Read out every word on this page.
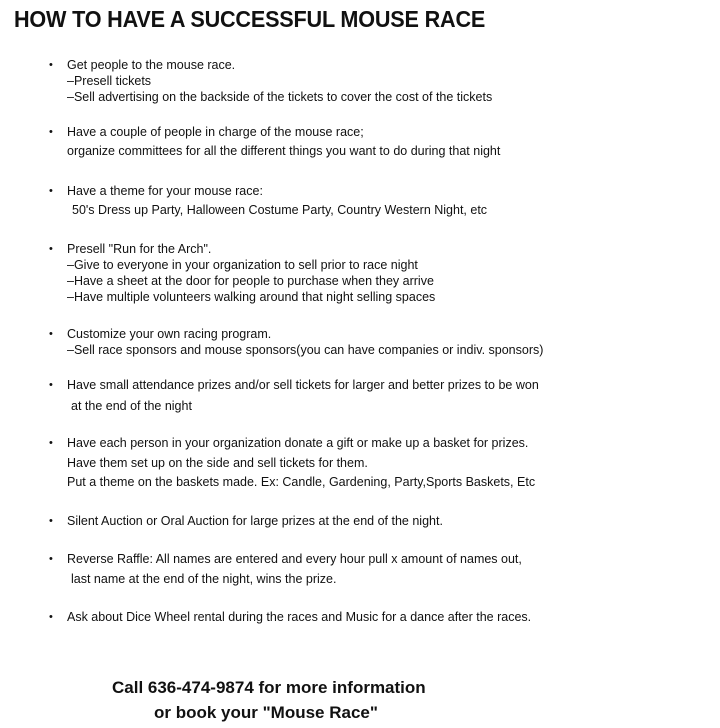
HOW TO HAVE A SUCCESSFUL MOUSE RACE
• Get people to the mouse race.
–Presell tickets
–Sell advertising on the backside of the tickets to cover the cost of the tickets
• Have a couple of people in charge of the mouse race;
organize committees for all the different things you want to do during that night
• Have a theme for your mouse race:
50's Dress up Party, Halloween Costume Party, Country Western Night, etc
• Presell "Run for the Arch".
–Give to everyone in your organization to sell prior to race night
–Have a sheet at the door for people to purchase when they arrive
–Have multiple volunteers walking around that night selling spaces
• Customize your own racing program.
–Sell race sponsors and mouse sponsors(you can have companies or indiv. sponsors)
• Have small attendance prizes and/or sell tickets for larger and better prizes to be won
at the end of the night
• Have each person in your organization donate a gift or make up a basket for prizes.
Have them set up on the side and sell tickets for them.
Put a theme on the baskets made. Ex: Candle, Gardening, Party,Sports Baskets, Etc
• Silent Auction or Oral Auction for large prizes at the end of the night.
• Reverse Raffle: All names are entered and every hour pull x amount of names out,
last name at the end of the night, wins the prize.
• Ask about Dice Wheel rental during the races and Music for a dance after the races.
Call 636-474-9874 for more information
or book your "Mouse Race"
